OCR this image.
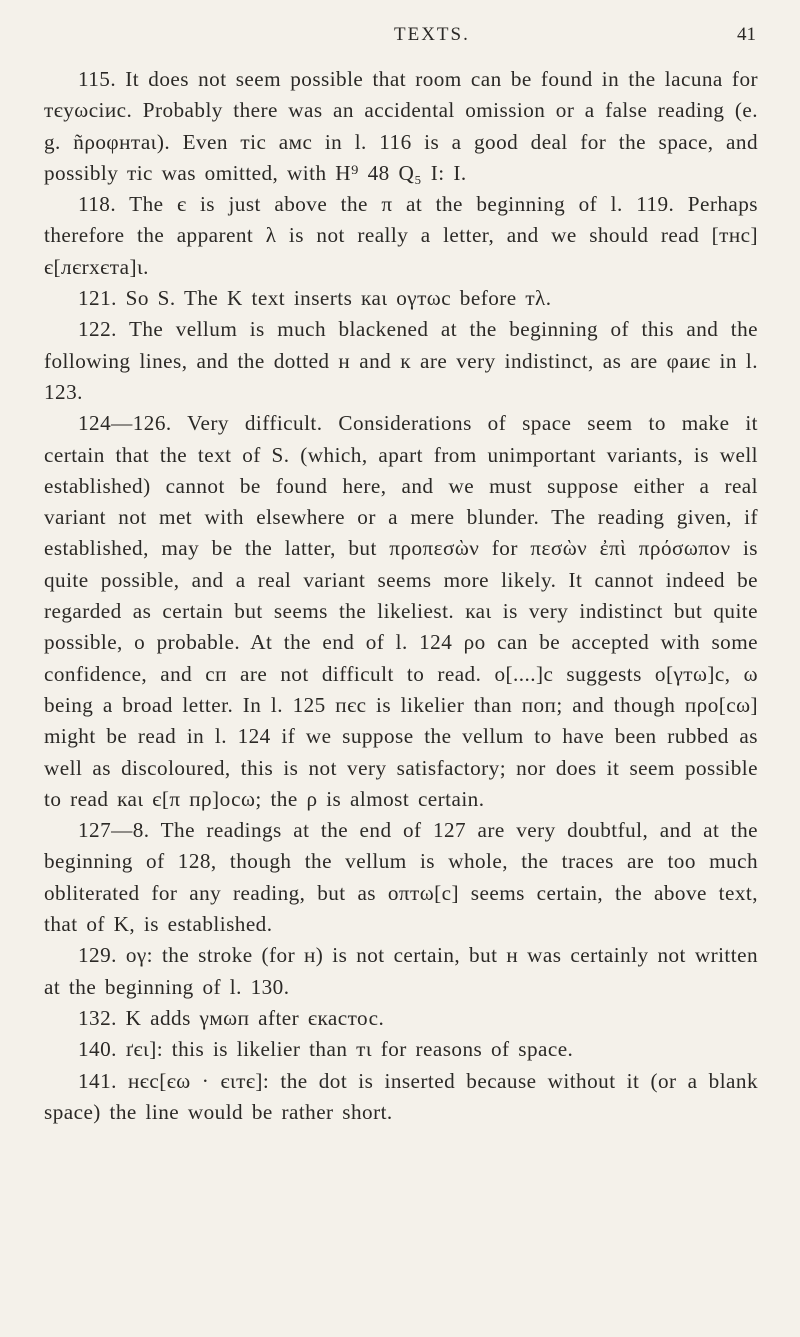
TEXTS.	41

115. It does not seem possible that room can be found in the lacuna for тєyωciиc. Probably there was an accidental omission or a false reading (e. g. ñρоφнтаι). Even тіс амс in l. 116 is a good deal for the space, and possibly тіс was omitted, with H⁹ 48 Q₅ I: I.

118. The є is just above the π at the beginning of l. 119. Perhaps therefore the apparent λ is not really a letter, and we should read [тнс] є[лєrxєта]ι.

121. So S. The K text inserts каι оγтωс before тλ.

122. The vellum is much blackened at the beginning of this and the following lines, and the dotted н and к are very indistinct, as are φаиє in l. 123.

124—126. Very difficult. Considerations of space seem to make it certain that the text of S. (which, apart from unimportant variants, is well established) cannot be found here, and we must suppose either a real variant not met with elsewhere or a mere blunder. The reading given, if established, may be the latter, but προπεσὼν for πεσὼν ἐπὶ πρόσωπον is quite possible, and a real variant seems more likely. It cannot indeed be regarded as certain but seems the likeliest. каι is very indistinct but quite possible, о probable. At the end of l. 124 ρо can be accepted with some confidence, and сп are not difficult to read. о[....]с suggests о[γтω]с, ω being a broad letter. In l. 125 пєс is likelier than поп; and though пρо[cω] might be read in l. 124 if we suppose the vellum to have been rubbed as well as discoloured, this is not very satisfactory; nor does it seem possible to read каι є[π пρ]осω; the ρ is almost certain.

127—8. The readings at the end of 127 are very doubtful, and at the beginning of 128, though the vellum is whole, the traces are too much obliterated for any reading, but as оπтω[с] seems certain, the above text, that of K, is established.

129. оγ: the stroke (for н) is not certain, but н was certainly not written at the beginning of l. 130.

132. K adds γмωп after єкастос.

140. ґєι]: this is likelier than тι for reasons of space.

141. нєс[єω · єιтє]: the dot is inserted because without it (or a blank space) the line would be rather short.
